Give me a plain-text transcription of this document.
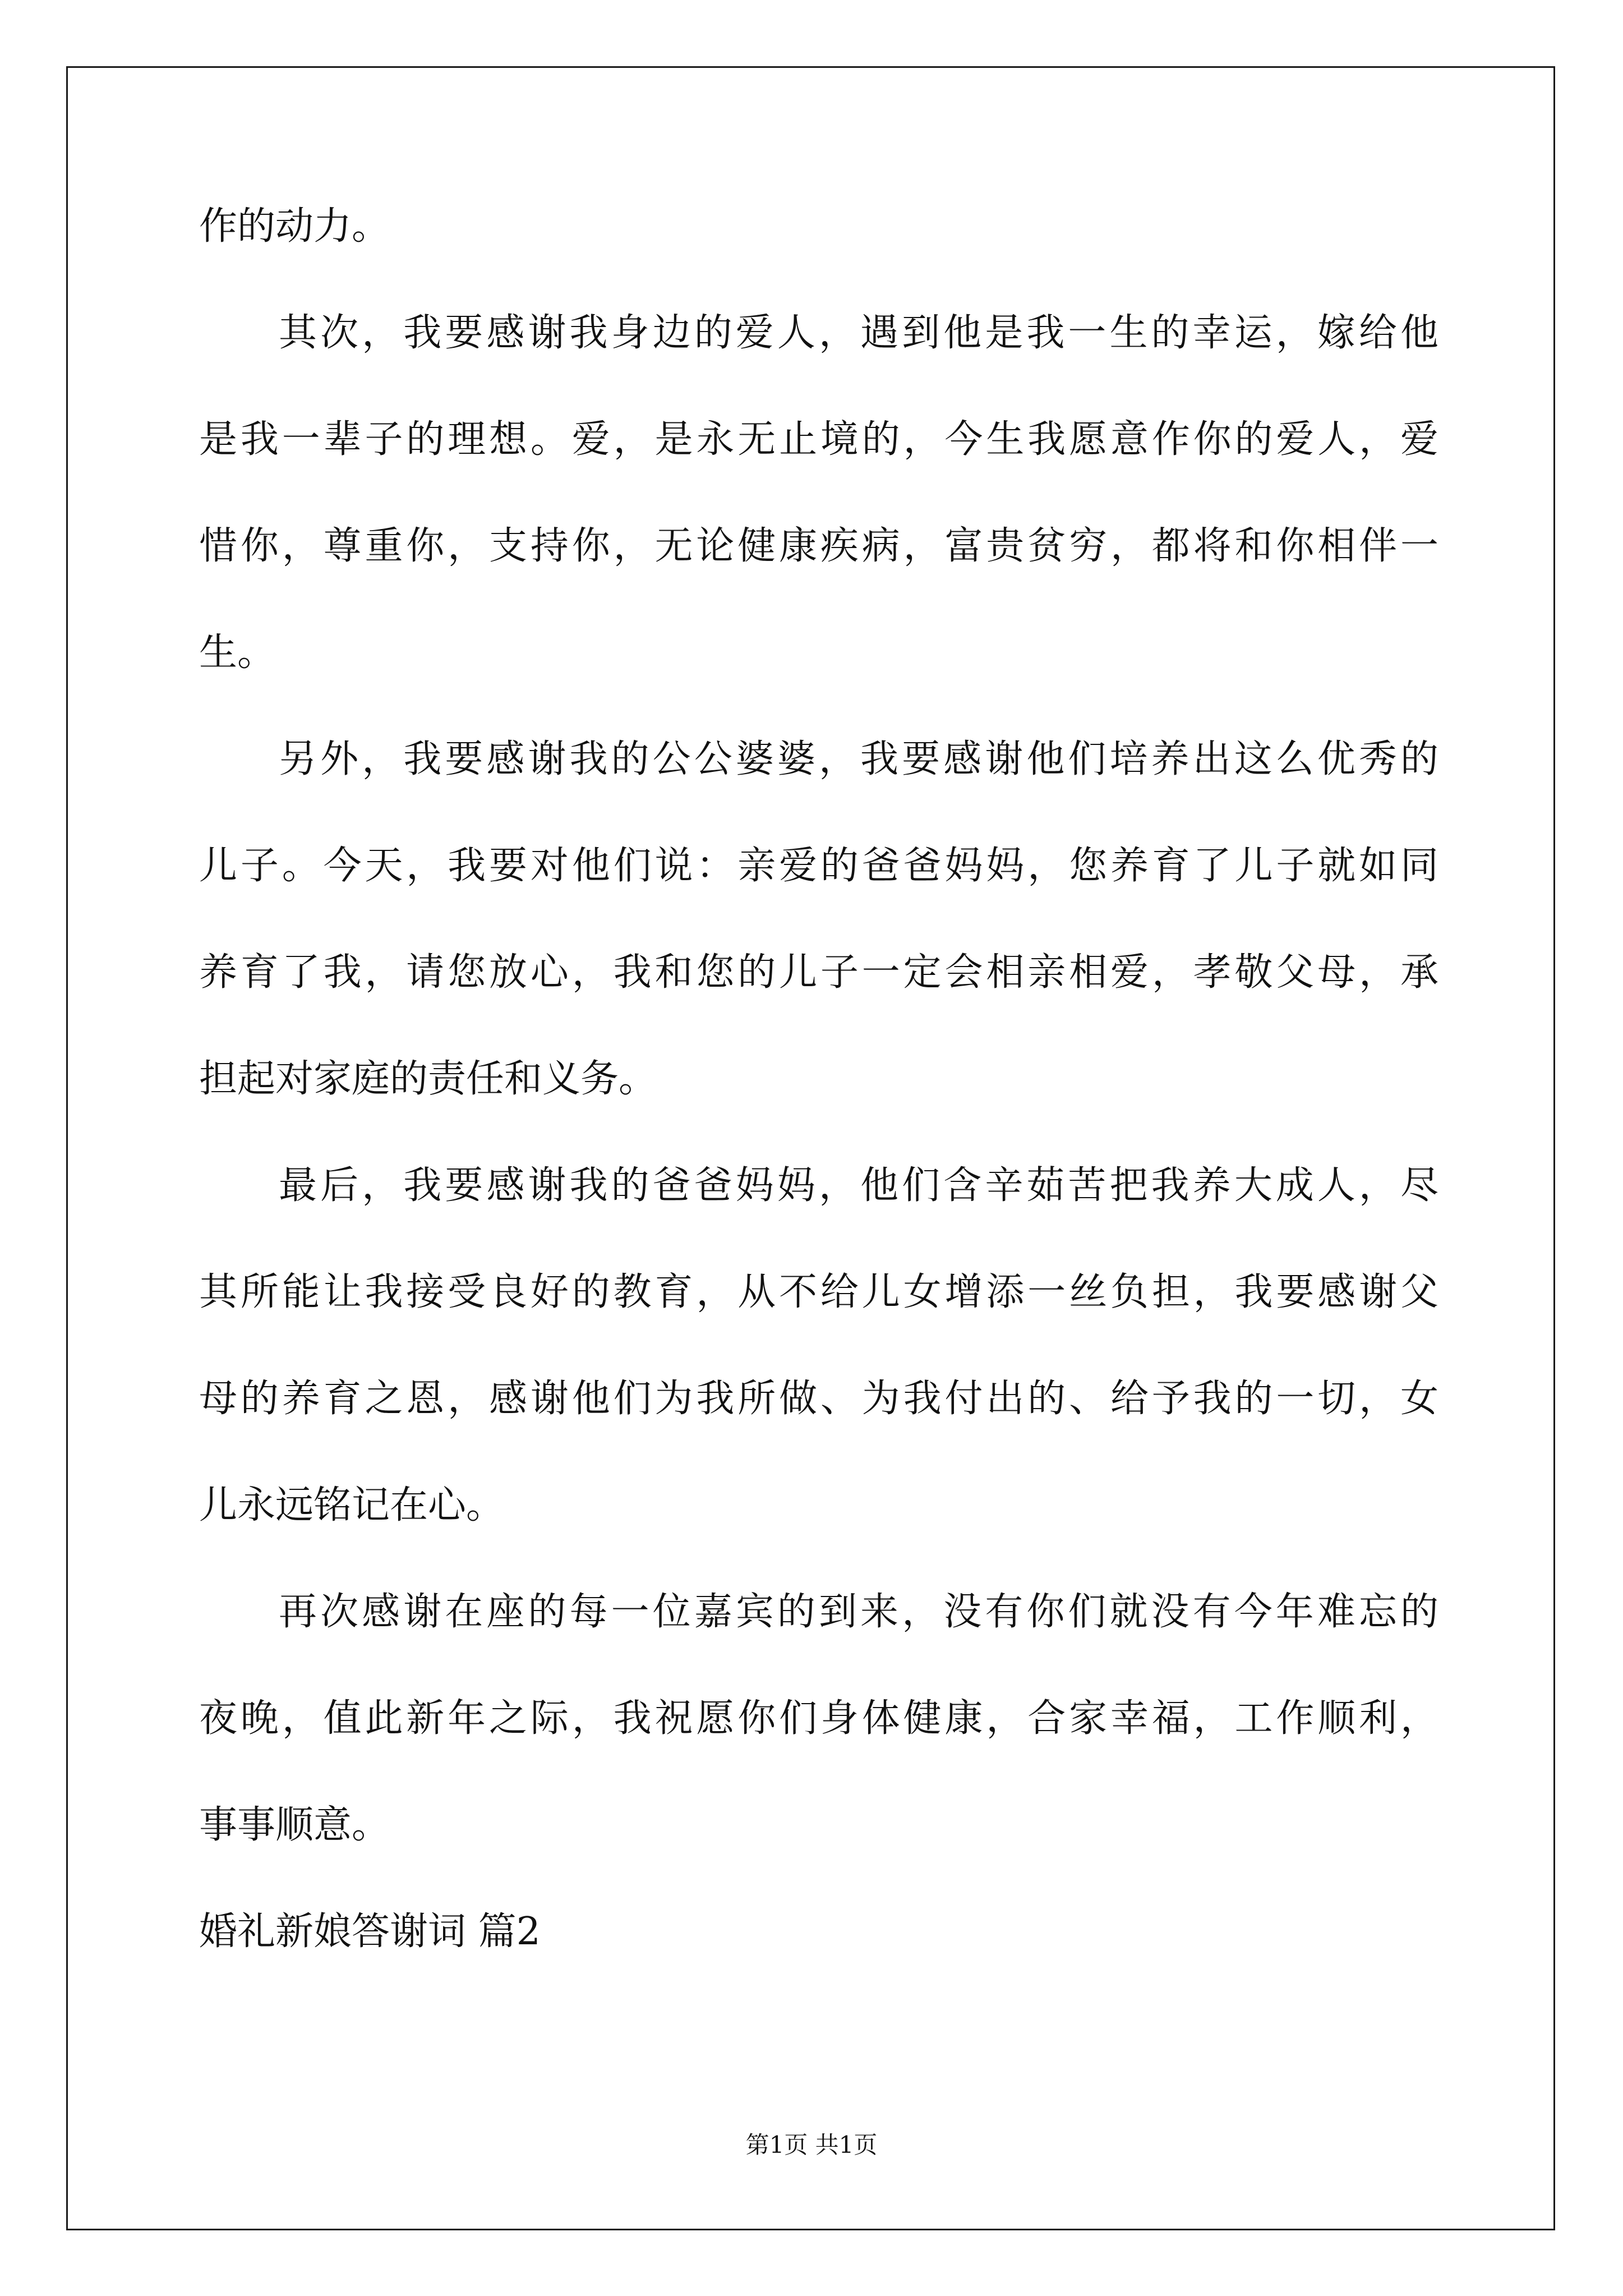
作的动力。
其次，我要感谢我身边的爱人，遇到他是我一生的幸运，嫁给他
是我一辈子的理想。爱，是永无止境的，今生我愿意作你的爱人，爱
惜你，尊重你，支持你，无论健康疾病，富贵贫穷，都将和你相伴一
生。
另外，我要感谢我的公公婆婆，我要感谢他们培养出这么优秀的
儿子。今天，我要对他们说：亲爱的爸爸妈妈，您养育了儿子就如同
养育了我，请您放心，我和您的儿子一定会相亲相爱，孝敬父母，承
担起对家庭的责任和义务。
最后，我要感谢我的爸爸妈妈，他们含辛茹苦把我养大成人，尽
其所能让我接受良好的教育，从不给儿女增添一丝负担，我要感谢父
母的养育之恩，感谢他们为我所做、为我付出的、给予我的一切，女
儿永远铭记在心。
再次感谢在座的每一位嘉宾的到来，没有你们就没有今年难忘的
夜晚，值此新年之际，我祝愿你们身体健康，合家幸福，工作顺利，
事事顺意。
婚礼新娘答谢词 篇2
第1页 共1页
